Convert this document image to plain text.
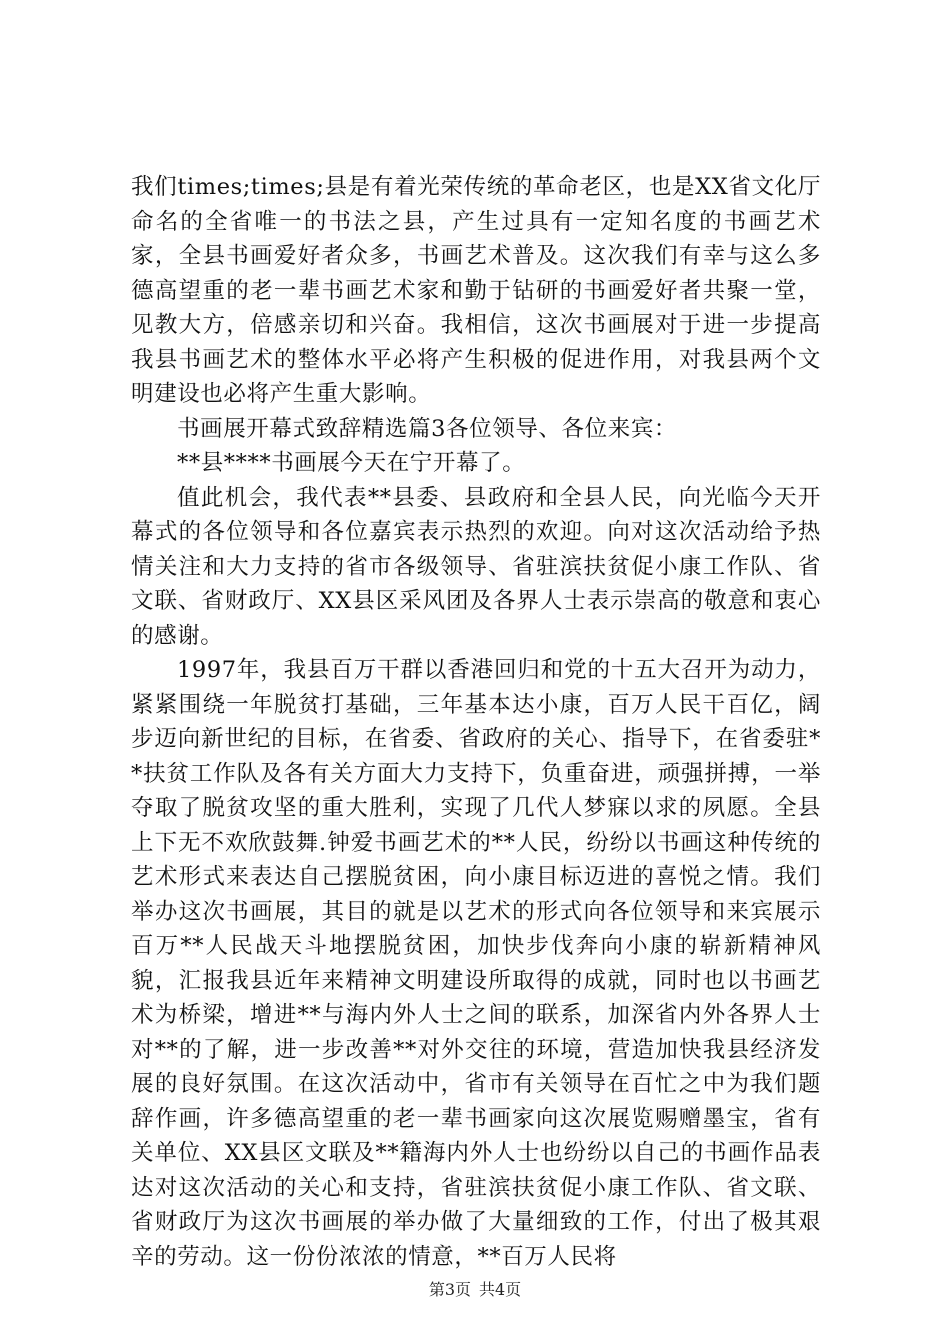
我们times;times;县是有着光荣传统的革命老区，也是XX省文化厅命名的全省唯一的书法之县，产生过具有一定知名度的书画艺术家，全县书画爱好者众多，书画艺术普及。这次我们有幸与这么多德高望重的老一辈书画艺术家和勤于钻研的书画爱好者共聚一堂，见教大方，倍感亲切和兴奋。我相信，这次书画展对于进一步提高我县书画艺术的整体水平必将产生积极的促进作用，对我县两个文明建设也必将产生重大影响。

书画展开幕式致辞精选篇3各位领导、各位来宾：

**县****书画展今天在宁开幕了。

值此机会，我代表**县委、县政府和全县人民，向光临今天开幕式的各位领导和各位嘉宾表示热烈的欢迎。向对这次活动给予热情关注和大力支持的省市各级领导、省驻滨扶贫促小康工作队、省文联、省财政厅、XX县区采风团及各界人士表示崇高的敬意和衷心的感谢。

1997年，我县百万干群以香港回归和党的十五大召开为动力，紧紧围绕一年脱贫打基础，三年基本达小康，百万人民干百亿，阔步迈向新世纪的目标，在省委、省政府的关心、指导下，在省委驻**扶贫工作队及各有关方面大力支持下，负重奋进，顽强拼搏，一举夺取了脱贫攻坚的重大胜利，实现了几代人梦寐以求的夙愿。全县上下无不欢欣鼓舞.钟爱书画艺术的**人民，纷纷以书画这种传统的艺术形式来表达自己摆脱贫困，向小康目标迈进的喜悦之情。我们举办这次书画展，其目的就是以艺术的形式向各位领导和来宾展示百万**人民战天斗地摆脱贫困，加快步伐奔向小康的崭新精神风貌，汇报我县近年来精神文明建设所取得的成就，同时也以书画艺术为桥梁，增进**与海内外人士之间的联系，加深省内外各界人士对**的了解，进一步改善**对外交往的环境，营造加快我县经济发展的良好氛围。在这次活动中，省市有关领导在百忙之中为我们题辞作画，许多德高望重的老一辈书画家向这次展览赐赠墨宝，省有关单位、XX县区文联及**籍海内外人士也纷纷以自己的书画作品表达对这次活动的关心和支持，省驻滨扶贫促小康工作队、省文联、省财政厅为这次书画展的举办做了大量细致的工作，付出了极其艰辛的劳动。这一份份浓浓的情意，**百万人民将

第3页 共4页
